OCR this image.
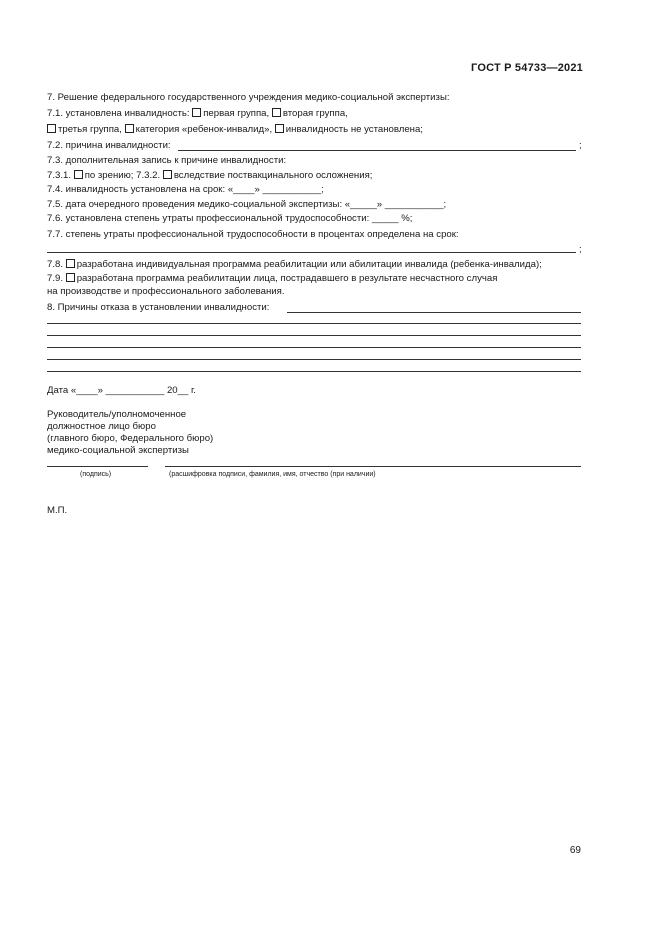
ГОСТ Р 54733—2021
7. Решение федерального государственного учреждения медико-социальной экспертизы:
7.1. установлена инвалидность: первая группа, вторая группа,
третья группа, категория «ребенок-инвалид», инвалидность не установлена;
7.2. причина инвалидности:	;
7.3. дополнительная запись к причине инвалидности:
7.3.1. по зрению; 7.3.2. вследствие поствакцинального осложнения;
7.4. инвалидность установлена на срок: «____» ___________;
7.5. дата очередного проведения медико-социальной экспертизы: «_____» ___________;
7.6. установлена степень утраты профессиональной трудоспособности: _____ %;
7.7. степень утраты профессиональной трудоспособности в процентах определена на срок:
;
7.8. разработана индивидуальная программа реабилитации или абилитации инвалида (ребенка-инвалида);
7.9. разработана программа реабилитации лица, пострадавшего в результате несчастного случая
на производстве и профессионального заболевания.
8. Причины отказа в установлении инвалидности:
Дата «____» ___________ 20__ г.
Руководитель/уполномоченное
должностное лицо бюро
(главного бюро, Федерального бюро)
медико-социальной экспертизы
(подпись)	(расшифровка подписи, фамилия, имя, отчество (при наличии)
М.П.
69
